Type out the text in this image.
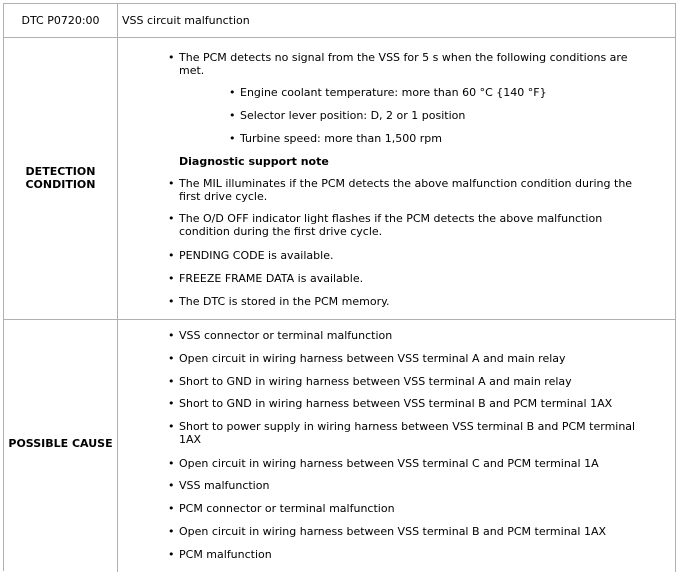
DTC P0720:00	VSS circuit malfunction
DETECTION
CONDITION
• The PCM detects no signal from the VSS for 5 s when the following conditions are
met.
• Engine coolant temperature: more than 60 °C {140 °F}
• Selector lever position: D, 2 or 1 position
• Turbine speed: more than 1,500 rpm
Diagnostic support note
• The MIL illuminates if the PCM detects the above malfunction condition during the
first drive cycle.
• The O/D OFF indicator light flashes if the PCM detects the above malfunction
condition during the first drive cycle.
• PENDING CODE is available.
• FREEZE FRAME DATA is available.
• The DTC is stored in the PCM memory.
POSSIBLE CAUSE
• VSS connector or terminal malfunction
• Open circuit in wiring harness between VSS terminal A and main relay
• Short to GND in wiring harness between VSS terminal A and main relay
• Short to GND in wiring harness between VSS terminal B and PCM terminal 1AX
• Short to power supply in wiring harness between VSS terminal B and PCM terminal
1AX
• Open circuit in wiring harness between VSS terminal C and PCM terminal 1A
• VSS malfunction
• PCM connector or terminal malfunction
• Open circuit in wiring harness between VSS terminal B and PCM terminal 1AX
• PCM malfunction
